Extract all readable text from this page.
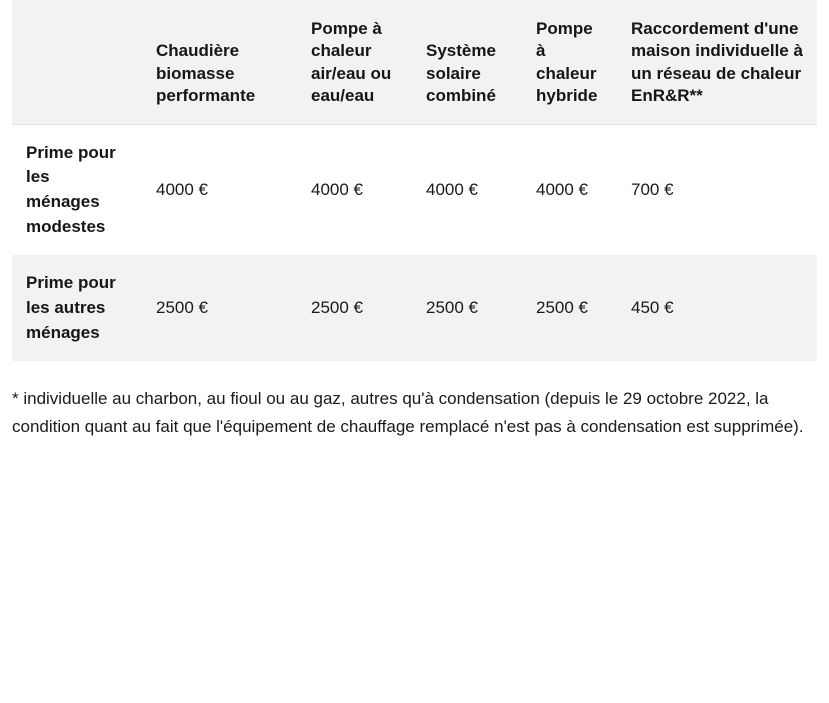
	Chaudière biomasse performante	Pompe à chaleur air/eau ou eau/eau	Système solaire combiné	Pompe à chaleur hybride	Raccordement d'une maison individuelle à un réseau de chaleur EnR&R**
Prime pour les ménages modestes	4000 €	4000 €	4000 €	4000 €	700 €
Prime pour les autres ménages	2500 €	2500 €	2500 €	2500 €	450 €

* individuelle au charbon, au fioul ou au gaz, autres qu'à condensation (depuis le 29 octobre 2022, la condition quant au fait que l'équipement de chauffage remplacé n'est pas à condensation est supprimée).
